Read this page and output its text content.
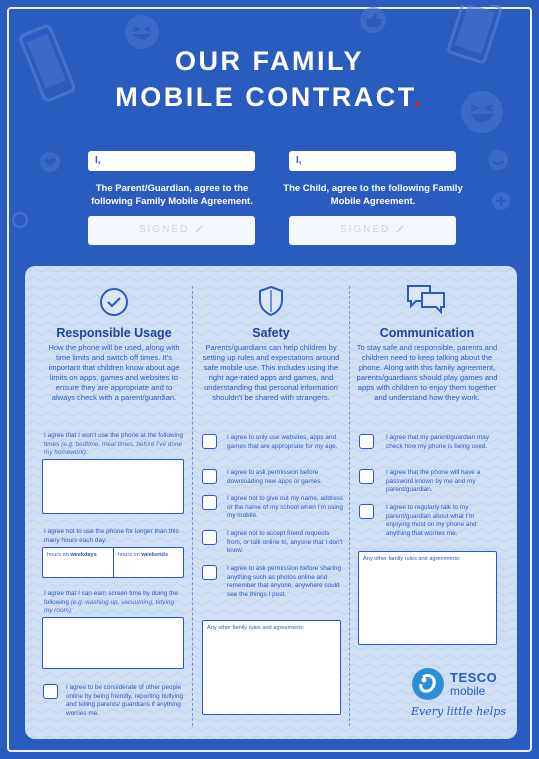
OUR FAMILY
MOBILE CONTRACT.
I,
The Parent/Guardian, agree to the following Family Mobile Agreement.
SIGNED
I,
The Child, agree to the following Family Mobile Agreement.
SIGNED
Responsible Usage	Safety	Communication
How the phone will be used, along with time limits and switch off times. It's important that children know about age limits on apps, games and websites to ensure they are appropriate and to always check with a parent/guardian.
Parents/guardians can help children by setting up rules and expectations around safe mobile use. This includes using the right age-rated apps and games, and understanding that personal information shouldn't be shared with strangers.
To stay safe and responsible, parents and children need to keep talking about the phone. Along with this family agreement, parents/guardians should play games and apps with children to enjoy them together and understand how they work.
I agree that I won't use the phone at the following times (e.g. bedtime, meal times, before I've done my homework):
I agree not to use the phone for longer than this many hours each day:
hours on weekdays	hours on weekends
I agree that I can earn screen time by doing the following (e.g. washing up, vacuuming, tidying my room):
I agree to be considerate of other people online by being friendly, reporting bullying and telling parents/ guardians if anything worries me.
I agree to only use websites, apps and games that are appropriate for my age.
I agree to ask permission before downloading new apps or games.
I agree not to give out my name, address or the name of my school when I'm using my mobile.
I agree not to accept friend requests from, or talk online to, anyone that I don't know.
I agree to ask permission before sharing anything such as photos online and remember that anyone, anywhere could see the things I post.
Any other family rules and agreements:
I agree that my parent/guardian may check how my phone is being used.
I agree that the phone will have a password known by me and my parent/guardian.
I agree to regularly talk to my parent/guardian about what I'm enjoying most on my phone and anything that worries me.
Any other family rules and agreements:
TESCO
mobile
Every little helps
